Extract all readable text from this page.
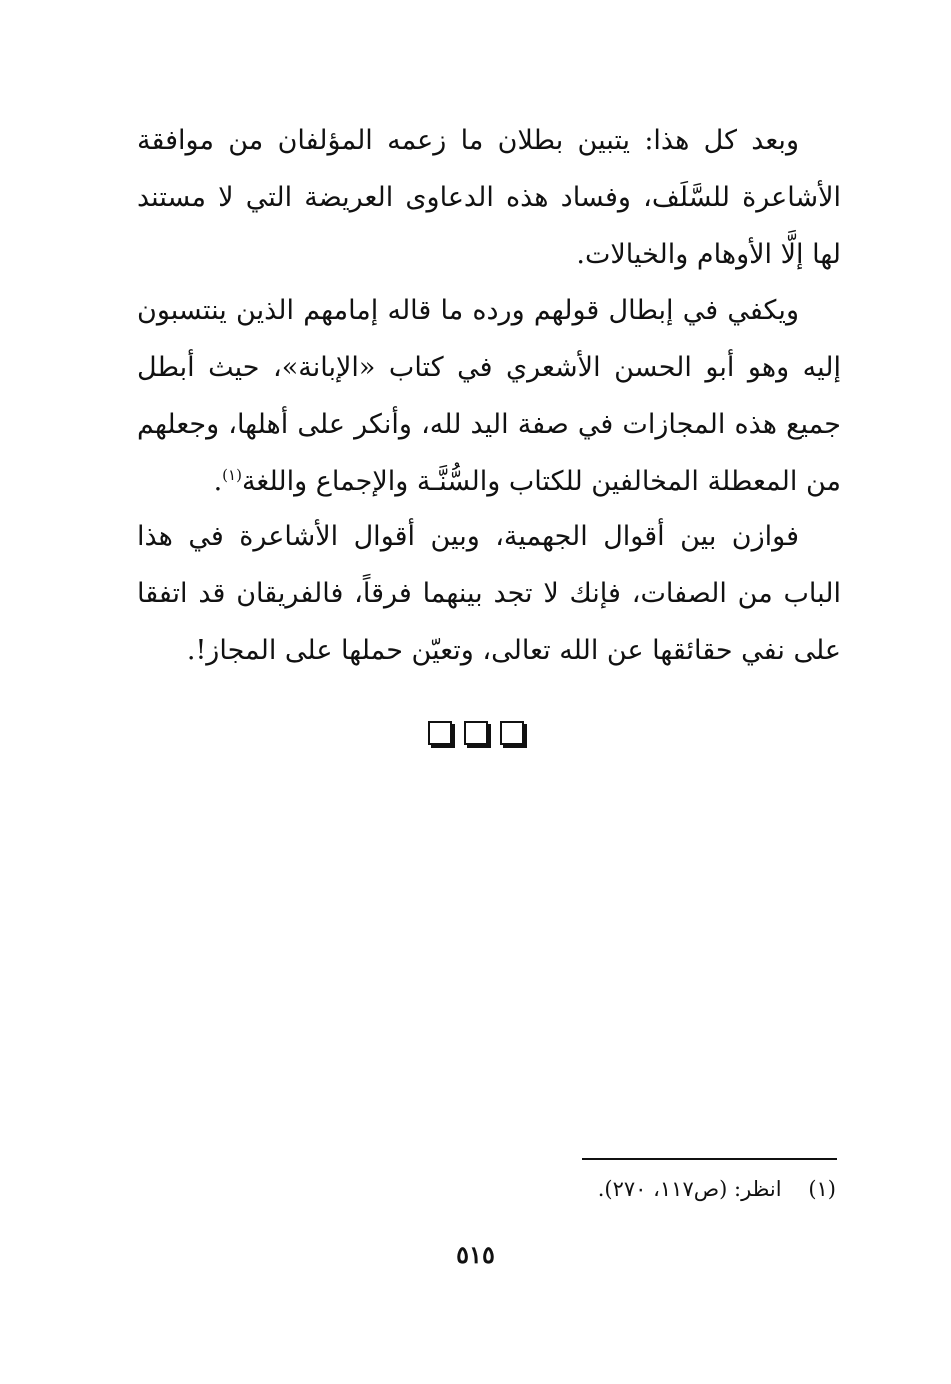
وبعد كل هذا: يتبين بطلان ما زعمه المؤلفان من موافقة الأشاعرة للسَّلَف، وفساد هذه الدعاوى العريضة التي لا مستند لها إلَّا الأوهام والخيالات.

ويكفي في إبطال قولهم ورده ما قاله إمامهم الذين ينتسبون إليه وهو أبو الحسن الأشعري في كتاب «الإبانة»، حيث أبطل جميع هذه المجازات في صفة اليد لله، وأنكر على أهلها، وجعلهم من المعطلة المخالفين للكتاب والسُّنَّـة والإجماع واللغة$^{(١)}$.

فوازن بين أقوال الجهمية، وبين أقوال الأشاعرة في هذا الباب من الصفات، فإنك لا تجد بينهما فرقاً، فالفريقان قد اتفقا على نفي حقائقها عن الله تعالى، وتعيّن حملها على المجاز!.

(١)    انظر: (ص١١٧، ٢٧٠).
٥١٥
